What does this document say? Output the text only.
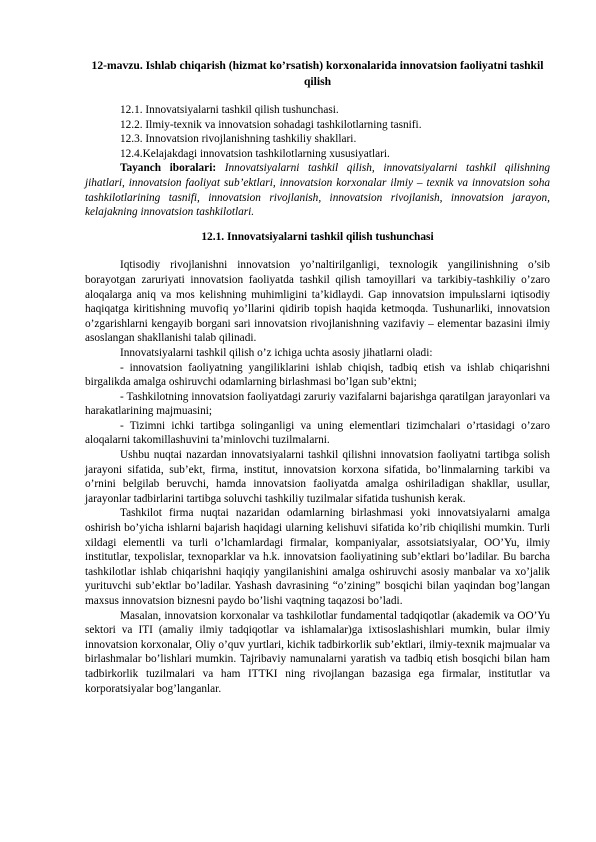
12-mavzu. Ishlab chiqarish (hizmat ko’rsatish) korxonalarida innovatsion faoliyatni tashkil qilish

12.1. Innovatsiyalarni tashkil qilish tushunchasi.

12.2. Ilmiy-texnik va innovatsion sohadagi tashkilotlarning tasnifi.

12.3. Innovatsion rivojlanishning tashkiliy shakllari.

12.4.Kelajakdagi innovatsion tashkilotlarning xususiyatlari.

Tayanch iboralari: Innovatsiyalarni tashkil qilish, innovatsiyalarni tashkil qilishning jihatlari, innovatsion faoliyat sub’ektlari, innovatsion korxonalar ilmiy – texnik va innovatsion soha tashkilotlarining tasnifi, innovatsion rivojlanish, innovatsion rivojlanish, innovatsion jarayon, kelajakning innovatsion tashkilotlari.

12.1. Innovatsiyalarni tashkil qilish tushunchasi

Iqtisodiy rivojlanishni innovatsion yo’naltirilganligi, texnologik yangilinishning o’sib borayotgan zaruriyati innovatsion faoliyatda tashkil qilish tamoyillari va tarkibiy-tashkiliy o’zaro aloqalarga aniq va mos kelishning muhimligini ta’kidlaydi. Gap innovatsion impulьslarni iqtisodiy haqiqatga kiritishning muvofiq yo’llarini qidirib topish haqida ketmoqda. Tushunarliki, innovatsion o’zgarishlarni kengayib borgani sari innovatsion rivojlanishning vazifaviy – elementar bazasini ilmiy asoslangan shakllanishi talab qilinadi.

Innovatsiyalarni tashkil qilish o’z ichiga uchta asosiy jihatlarni oladi:

- innovatsion faoliyatning yangiliklarini ishlab chiqish, tadbiq etish va ishlab chiqarishni birgalikda amalga oshiruvchi odamlarning birlashmasi bo’lgan sub’ektni;

- Tashkilotning innovatsion faoliyatdagi zaruriy vazifalarni bajarishga qaratilgan jarayonlari va harakatlarining majmuasini;

- Tizimni ichki tartibga solinganligi va uning elementlari tizimchalari o’rtasidagi o’zaro aloqalarni takomillashuvini ta’minlovchi tuzilmalarni.

Ushbu nuqtai nazardan innovatsiyalarni tashkil qilishni innovatsion faoliyatni tartibga solish jarayoni sifatida, sub’ekt, firma, institut, innovatsion korxona sifatida, bo’linmalarning tarkibi va o’rnini belgilab beruvchi, hamda innovatsion faoliyatda amalga oshiriladigan shakllar, usullar, jarayonlar tadbirlarini tartibga soluvchi tashkiliy tuzilmalar sifatida tushunish kerak.

Tashkilot firma nuqtai nazaridan odamlarning birlashmasi yoki innovatsiyalarni amalga oshirish bo’yicha ishlarni bajarish haqidagi ularning kelishuvi sifatida ko’rib chiqilishi mumkin. Turli xildagi elementli va turli o’lchamlardagi firmalar, kompaniyalar, assotsiatsiyalar, OO’Yu, ilmiy institutlar, texpolislar, texnoparklar va h.k. innovatsion faoliyatining sub’ektlari bo’ladilar. Bu barcha tashkilotlar ishlab chiqarishni haqiqiy yangilanishini amalga oshiruvchi asosiy manbalar va xo’jalik yurituvchi sub’ektlar bo’ladilar. Yashash davrasining “o’zining” bosqichi bilan yaqindan bog’langan maxsus innovatsion biznesni paydo bo’lishi vaqtning taqazosi bo’ladi.

Masalan, innovatsion korxonalar va tashkilotlar fundamental tadqiqotlar (akademik va OO’Yu sektori va ITI (amaliy ilmiy tadqiqotlar va ishlamalar)ga ixtisoslashishlari mumkin, bular ilmiy innovatsion korxonalar, Oliy o’quv yurtlari, kichik tadbirkorlik sub’ektlari, ilmiy-texnik majmualar va birlashmalar bo’lishlari mumkin. Tajribaviy namunalarni yaratish va tadbiq etish bosqichi bilan ham tadbirkorlik tuzilmalari va ham ITTKI ning rivojlangan bazasiga ega firmalar, institutlar va korporatsiyalar bog’langanlar.
